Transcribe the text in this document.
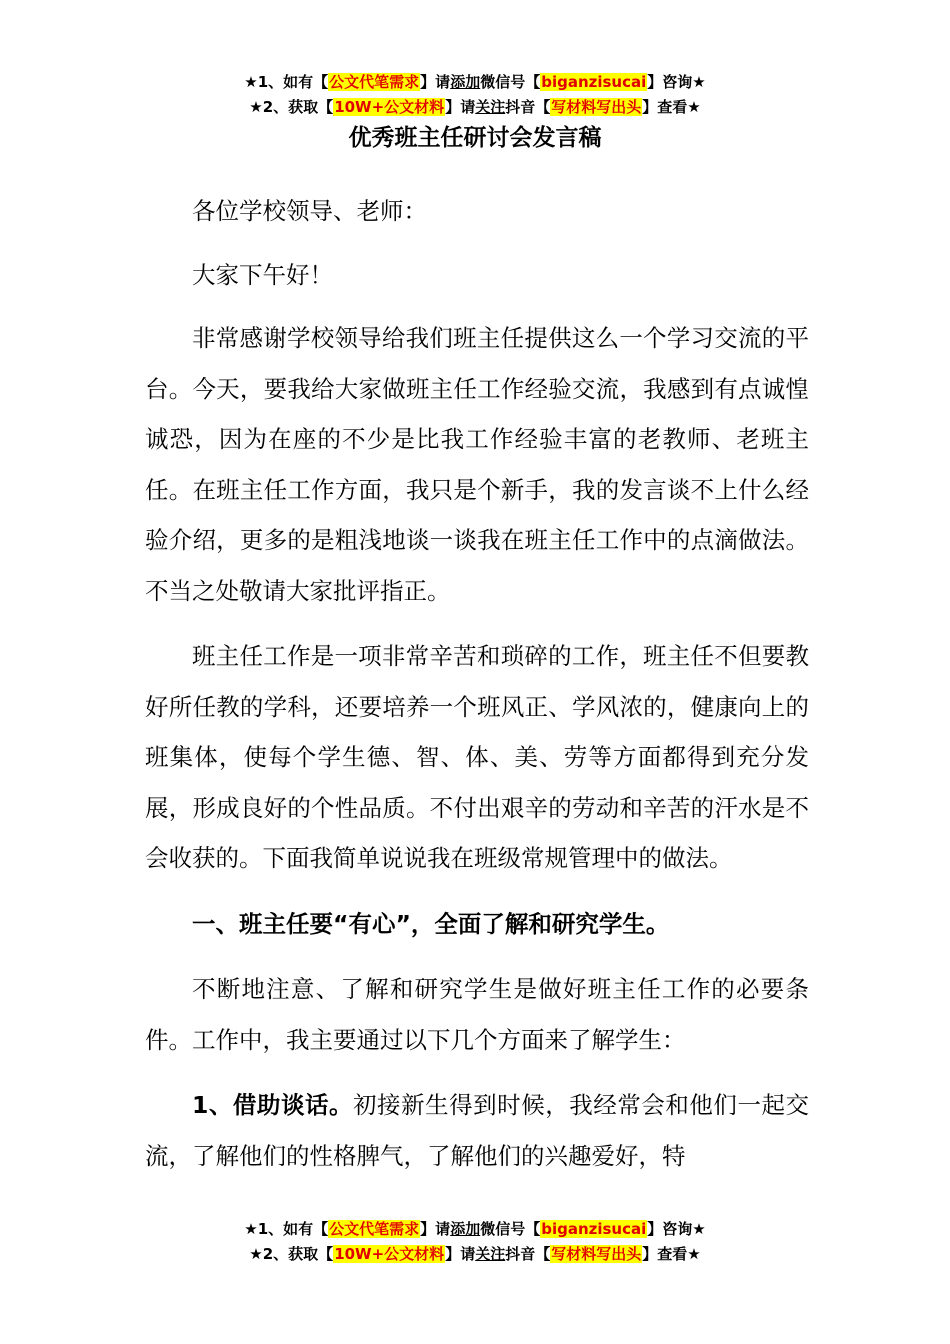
★1、如有【公文代笔需求】请添加微信号【biganzisucai】咨询★
★2、获取【10W+公文材料】请关注抖音【写材料写出头】查看★
优秀班主任研讨会发言稿

各位学校领导、老师：

大家下午好！

非常感谢学校领导给我们班主任提供这么一个学习交流的平台。今天，要我给大家做班主任工作经验交流，我感到有点诚惶诚恐，因为在座的不少是比我工作经验丰富的老教师、老班主任。在班主任工作方面，我只是个新手，我的发言谈不上什么经验介绍，更多的是粗浅地谈一谈我在班主任工作中的点滴做法。不当之处敬请大家批评指正。

班主任工作是一项非常辛苦和琐碎的工作，班主任不但要教好所任教的学科，还要培养一个班风正、学风浓的，健康向上的班集体，使每个学生德、智、体、美、劳等方面都得到充分发展，形成良好的个性品质。不付出艰辛的劳动和辛苦的汗水是不会收获的。下面我简单说说我在班级常规管理中的做法。

一、班主任要“有心”，全面了解和研究学生。

不断地注意、了解和研究学生是做好班主任工作的必要条件。工作中，我主要通过以下几个方面来了解学生：

1、借助谈话。初接新生得到时候，我经常会和他们一起交流，了解他们的性格脾气，了解他们的兴趣爱好，特

★1、如有【公文代笔需求】请添加微信号【biganzisucai】咨询★
★2、获取【10W+公文材料】请关注抖音【写材料写出头】查看★
